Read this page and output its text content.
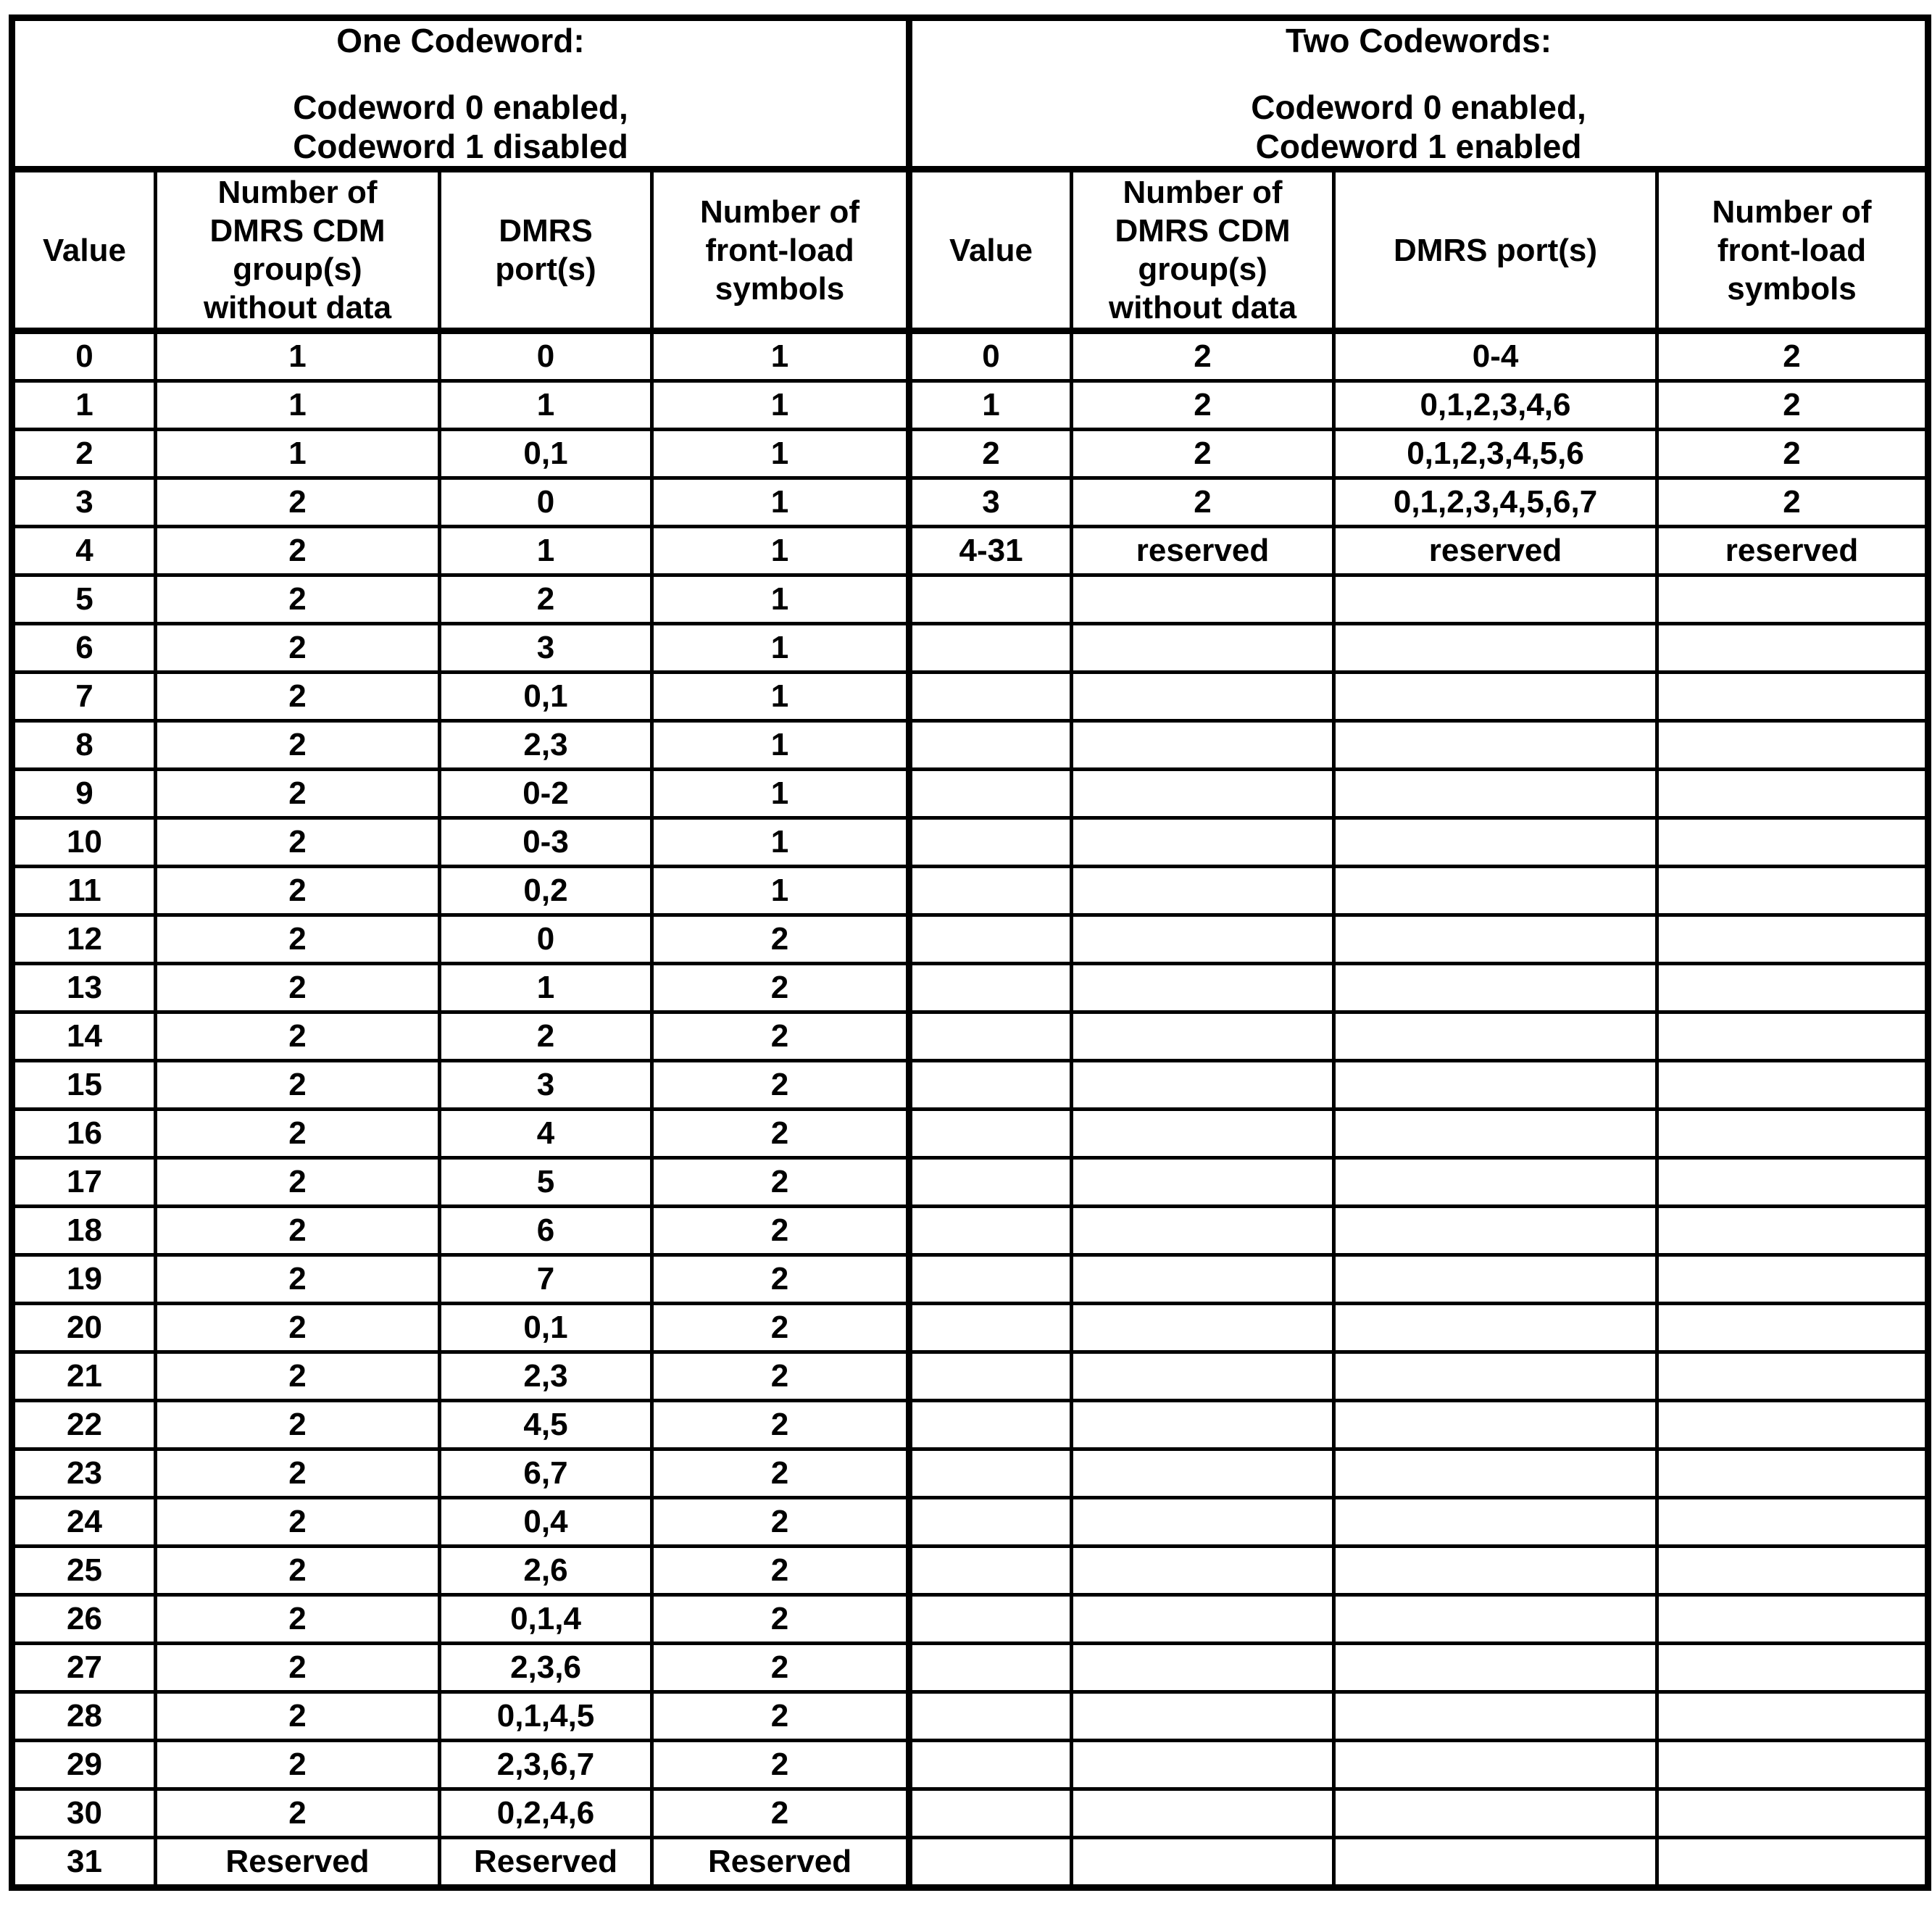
One Codeword:
Codeword 0 enabled,
Codeword 1 disabled

Two Codewords:
Codeword 0 enabled,
Codeword 1 enabled

Value	Number of
DMRS CDM
group(s)
without data	DMRS
port(s)	Number of
front-load
symbols	Value	Number of
DMRS CDM
group(s)
without data	DMRS port(s)	Number of
front-load
symbols
0	1	0	1	0	2	0-4	2
1	1	1	1	1	2	0,1,2,3,4,6	2
2	1	0,1	1	2	2	0,1,2,3,4,5,6	2
3	2	0	1	3	2	0,1,2,3,4,5,6,7	2
4	2	1	1	4-31	reserved	reserved	reserved
5	2	2	1				
6	2	3	1				
7	2	0,1	1				
8	2	2,3	1				
9	2	0-2	1				
10	2	0-3	1				
11	2	0,2	1				
12	2	0	2				
13	2	1	2				
14	2	2	2				
15	2	3	2				
16	2	4	2				
17	2	5	2				
18	2	6	2				
19	2	7	2				
20	2	0,1	2				
21	2	2,3	2				
22	2	4,5	2				
23	2	6,7	2				
24	2	0,4	2				
25	2	2,6	2				
26	2	0,1,4	2				
27	2	2,3,6	2				
28	2	0,1,4,5	2				
29	2	2,3,6,7	2				
30	2	0,2,4,6	2				
31	Reserved	Reserved	Reserved				
